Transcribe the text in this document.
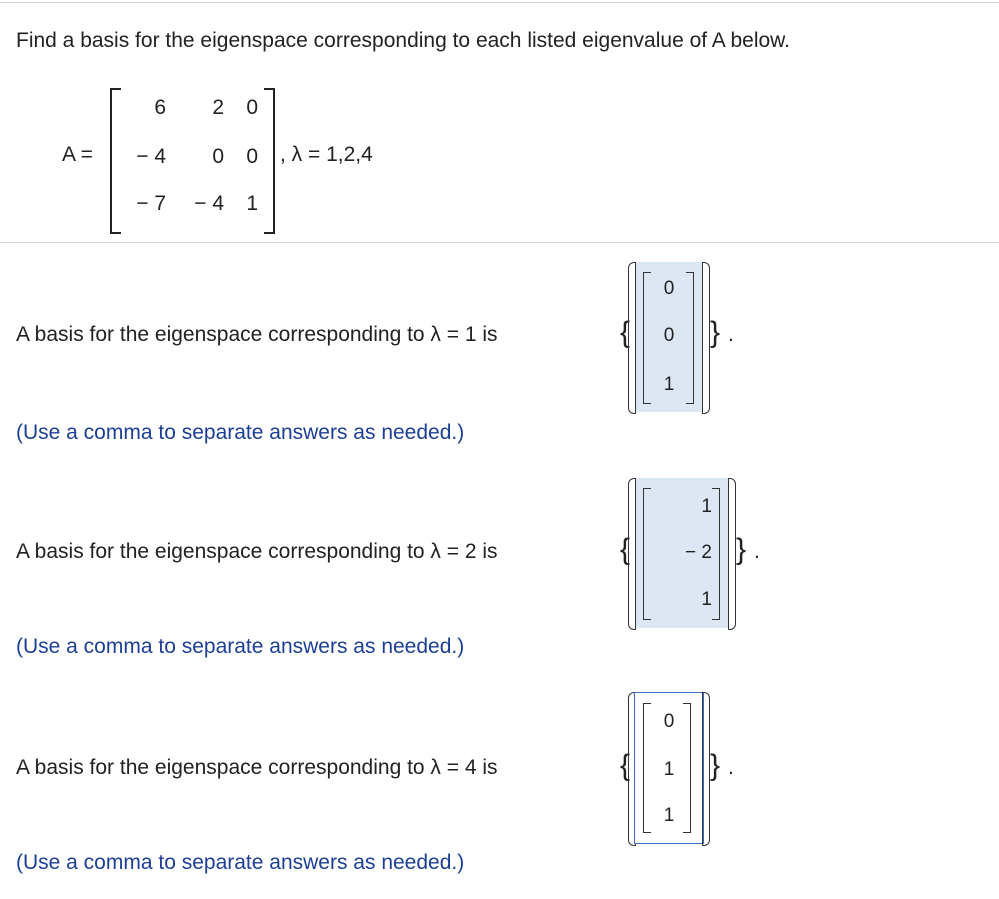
Find a basis for the eigenspace corresponding to each listed eigenvalue of A below.
A =
6	2	0
− 4	0	0
− 7	− 4	1
, λ = 1,2,4
A basis for the eigenspace corresponding to λ = 1 is	{
0
0
1
} .
(Use a comma to separate answers as needed.)
A basis for the eigenspace corresponding to λ = 2 is	{
1
− 2
1
} .
(Use a comma to separate answers as needed.)
A basis for the eigenspace corresponding to λ = 4 is	{
0
1
1
} .
(Use a comma to separate answers as needed.)
